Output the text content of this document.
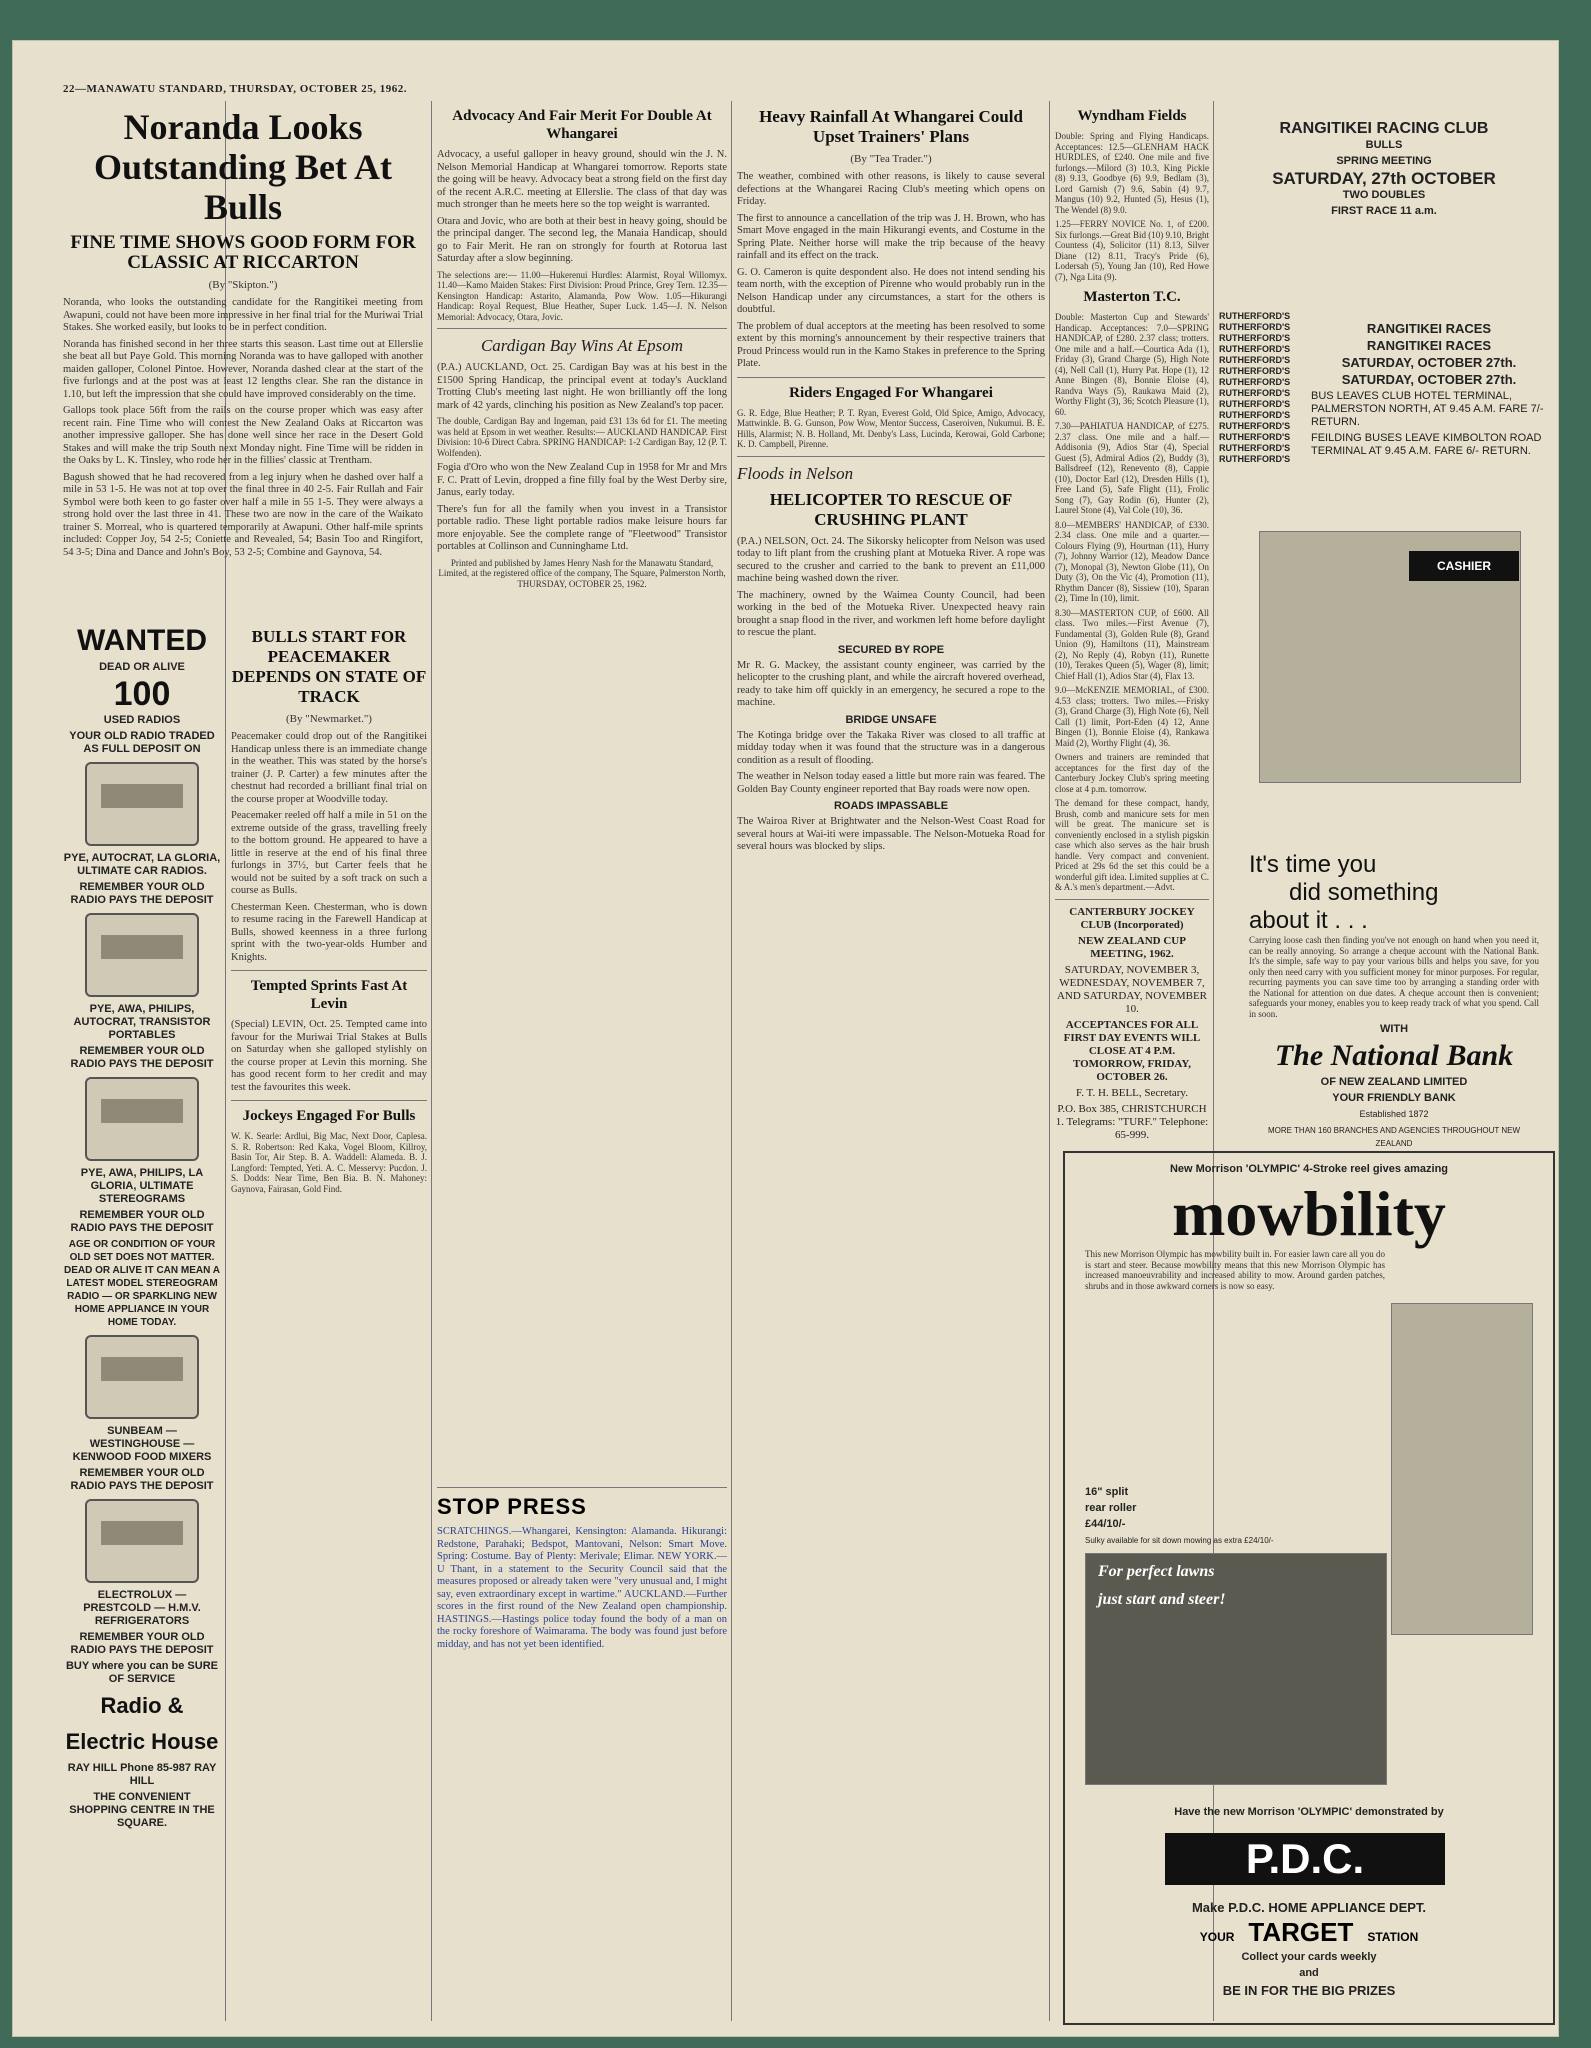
22—MANAWATU STANDARD, THURSDAY, OCTOBER 25, 1962.
Noranda Looks Outstanding Bet At Bulls
FINE TIME SHOWS GOOD FORM FOR CLASSIC AT RICCARTON
(By "Skipton.")

Noranda, who looks the outstanding candidate for the Rangitikei meeting from Awapuni, could not have been more impressive in her final trial for the Muriwai Trial Stakes. She worked easily, but looks to be in perfect condition.

Noranda has finished second in her three starts this season. Last time out at Ellerslie she beat all but Paye Gold. This morning Noranda was to have galloped with another maiden galloper, Colonel Pintoe. However, Noranda dashed clear at the start of the five furlongs and at the post was at least 12 lengths clear. She ran the distance in 1.10, but left the impression that she could have improved considerably on the time.

Gallops took place 56ft from the rails on the course proper which was easy after recent rain. Fine Time who will contest the New Zealand Oaks at Riccarton was another impressive galloper. She has done well since her race in the Desert Gold Stakes and will make the trip South next Monday night. Fine Time will be ridden in the Oaks by L. K. Tinsley, who rode her in the fillies' classic at Trentham.

Bagush showed that he had recovered from a leg injury when he dashed over half a mile in 53 1-5. He was not at top over the final three in 40 2-5. Fair Rullah and Fair Symbol were both keen to go faster over half a mile in 55 1-5. They were always a strong hold over the last three in 41. These two are now in the care of the Waikato trainer S. Morreal, who is quartered temporarily at Awapuni. Other half-mile sprints included: Copper Joy, 54 2-5; Coniette and Revealed, 54; Basin Too and Ringifort, 54 3-5; Dina and Dance and John's Boy, 53 2-5; Combine and Gaynova, 54.

WANTED
DEAD OR ALIVE
100
USED RADIOS
YOUR OLD RADIO TRADED AS FULL DEPOSIT ON
PYE, AUTOCRAT, LA GLORIA, ULTIMATE CAR RADIOS.
REMEMBER YOUR OLD RADIO PAYS THE DEPOSIT
PYE, AWA, PHILIPS, AUTOCRAT, TRANSISTOR PORTABLES
REMEMBER YOUR OLD RADIO PAYS THE DEPOSIT
PYE, AWA, PHILIPS, LA GLORIA, ULTIMATE STEREOGRAMS
REMEMBER YOUR OLD RADIO PAYS THE DEPOSIT
AGE OR CONDITION OF YOUR OLD SET DOES NOT MATTER. DEAD OR ALIVE IT CAN MEAN A LATEST MODEL STEREOGRAM RADIO — OR SPARKLING NEW HOME APPLIANCE IN YOUR HOME TODAY.
SUNBEAM — WESTINGHOUSE — KENWOOD FOOD MIXERS
REMEMBER YOUR OLD RADIO PAYS THE DEPOSIT
ELECTROLUX — PRESTCOLD — H.M.V. REFRIGERATORS
REMEMBER YOUR OLD RADIO PAYS THE DEPOSIT
BUY where you can be SURE OF SERVICE
Radio &
Electric House
RAY HILL Phone 85-987 RAY HILL
THE CONVENIENT SHOPPING CENTRE IN THE SQUARE.
BULLS START FOR PEACEMAKER DEPENDS ON STATE OF TRACK
(By "Newmarket.")

Peacemaker could drop out of the Rangitikei Handicap unless there is an immediate change in the weather. This was stated by the horse's trainer (J. P. Carter) a few minutes after the chestnut had recorded a brilliant final trial on the course proper at Woodville today.

Peacemaker reeled off half a mile in 51 on the extreme outside of the grass, travelling freely to the bottom ground. He appeared to have a little in reserve at the end of his final three furlongs in 37½, but Carter feels that he would not be suited by a soft track on such a course as Bulls.

Chesterman Keen. Chesterman, who is down to resume racing in the Farewell Handicap at Bulls, showed keenness in a three furlong sprint with the two-year-olds Humber and Knights.

Tempted Sprints Fast At Levin

(Special) LEVIN, Oct. 25. Tempted came into favour for the Muriwai Trial Stakes at Bulls on Saturday when she galloped stylishly on the course proper at Levin this morning. She has good recent form to her credit and may test the favourites this week.

Jockeys Engaged For Bulls

W. K. Searle: Ardlui, Big Mac, Next Door, Caplesa. S. R. Robertson: Red Kaka, Vogel Bloom, Killroy, Basin Tor, Air Step. B. A. Waddell: Alameda. B. J. Langford: Tempted, Yeti. A. C. Messervy: Pucdon. J. S. Dodds: Near Time, Ben Bia. B. N. Mahoney: Gaynova, Fairasan, Gold Find.

Advocacy And Fair Merit For Double At Whangarei

Advocacy, a useful galloper in heavy ground, should win the J. N. Nelson Memorial Handicap at Whangarei tomorrow. Reports state the going will be heavy. Advocacy beat a strong field on the first day of the recent A.R.C. meeting at Ellerslie. The class of that day was much stronger than he meets here so the top weight is warranted.

Otara and Jovic, who are both at their best in heavy going, should be the principal danger. The second leg, the Manaia Handicap, should go to Fair Merit. He ran on strongly for fourth at Rotorua last Saturday after a slow beginning.

The selections are:— 11.00—Hukerenui Hurdles: Alarmist, Royal Willomyx. 11.40—Kamo Maiden Stakes: First Division: Proud Prince, Grey Tern. 12.35—Kensington Handicap: Astarito, Alamanda, Pow Wow. 1.05—Hikurangi Handicap: Royal Request, Blue Heather, Super Luck. 1.45—J. N. Nelson Memorial: Advocacy, Otara, Jovic.

Cardigan Bay Wins At Epsom

(P.A.) AUCKLAND, Oct. 25. Cardigan Bay was at his best in the £1500 Spring Handicap, the principal event at today's Auckland Trotting Club's meeting last night. He won brilliantly off the long mark of 42 yards, clinching his position as New Zealand's top pacer.

The double, Cardigan Bay and Ingeman, paid £31 13s 6d for £1. The meeting was held at Epsom in wet weather. Results:— AUCKLAND HANDICAP. First Division: 10-6 Direct Cabra. SPRING HANDICAP: 1-2 Cardigan Bay, 12 (P. T. Wolfenden).

Fogia d'Oro who won the New Zealand Cup in 1958 for Mr and Mrs F. C. Pratt of Levin, dropped a fine filly foal by the West Derby sire, Janus, early today.

There's fun for all the family when you invest in a Transistor portable radio. These light portable radios make leisure hours far more enjoyable. See the complete range of "Fleetwood" Transistor portables at Collinson and Cunninghame Ltd.

Printed and published by James Henry Nash for the Manawatu Standard, Limited, at the registered office of the company, The Square, Palmerston North, THURSDAY, OCTOBER 25, 1962.

Heavy Rainfall At Whangarei Could Upset Trainers' Plans
(By "Tea Trader.")

The weather, combined with other reasons, is likely to cause several defections at the Whangarei Racing Club's meeting which opens on Friday.

The first to announce a cancellation of the trip was J. H. Brown, who has Smart Move engaged in the main Hikurangi events, and Costume in the Spring Plate. Neither horse will make the trip because of the heavy rainfall and its effect on the track.

G. O. Cameron is quite despondent also. He does not intend sending his team north, with the exception of Pirenne who would probably run in the Nelson Handicap under any circumstances, a start for the others is doubtful.

The problem of dual acceptors at the meeting has been resolved to some extent by this morning's announcement by their respective trainers that Proud Princess would run in the Kamo Stakes in preference to the Spring Plate.

Riders Engaged For Whangarei

G. R. Edge, Blue Heather; P. T. Ryan, Everest Gold, Old Spice, Amigo, Advocacy, Mattwinkle. B. G. Gunson, Pow Wow, Mentor Success, Caseroiven, Nukumui. B. E. Hills, Alarmist; N. B. Holland, Mt. Denby's Lass, Lucinda, Kerowai, Gold Carbone; K. D. Campbell, Pirenne.

Floods in Nelson
HELICOPTER TO RESCUE OF CRUSHING PLANT

(P.A.) NELSON, Oct. 24. The Sikorsky helicopter from Nelson was used today to lift plant from the crushing plant at Motueka River. A rope was secured to the crusher and carried to the bank to prevent an £11,000 machine being washed down the river.

The machinery, owned by the Waimea County Council, had been working in the bed of the Motueka River. Unexpected heavy rain brought a snap flood in the river, and workmen left home before daylight to rescue the plant.

SECURED BY ROPE

Mr R. G. Mackey, the assistant county engineer, was carried by the helicopter to the crushing plant, and while the aircraft hovered overhead, ready to take him off quickly in an emergency, he secured a rope to the machine.

BRIDGE UNSAFE

The Kotinga bridge over the Takaka River was closed to all traffic at midday today when it was found that the structure was in a dangerous condition as a result of flooding.

The weather in Nelson today eased a little but more rain was feared. The Golden Bay County engineer reported that Bay roads were now open.

ROADS IMPASSABLE

The Wairoa River at Brightwater and the Nelson-West Coast Road for several hours at Wai-iti were impassable. The Nelson-Motueka Road for several hours was blocked by slips.

STOP PRESS

SCRATCHINGS.—Whangarei, Kensington: Alamanda. Hikurangi: Redstone, Parahaki; Bedspot, Mantovani, Nelson: Smart Move. Spring: Costume. Bay of Plenty: Merivale; Elimar. NEW YORK.—U Thant, in a statement to the Security Council said that the measures proposed or already taken were "very unusual and, I might say, even extraordinary except in wartime." AUCKLAND.—Further scores in the first round of the New Zealand open championship. HASTINGS.—Hastings police today found the body of a man on the rocky foreshore of Waimarama. The body was found just before midday, and has not yet been identified.

Wyndham Fields

Double: Spring and Flying Handicaps. Acceptances: 12.5—GLENHAM HACK HURDLES, of £240. One mile and five furlongs.—Milord (3) 10.3, King Pickle (8) 9.13, Goodbye (6) 9.9, Bedlam (3), Lord Garnish (7) 9.6, Sabin (4) 9.7, Mangus (10) 9.2, Hunted (5), Hesus (1), The Wendel (8) 9.0.

1.25—FERRY NOVICE No. 1, of £200. Six furlongs.—Great Bid (10) 9.10, Bright Countess (4), Solicitor (11) 8.13, Silver Diane (12) 8.11, Tracy's Pride (6), Lodersah (5), Young Jan (10), Red Howe (7), Nga Lita (9).

Masterton T.C.

Double: Masterton Cup and Stewards' Handicap. Acceptances: 7.0—SPRING HANDICAP, of £280. 2.37 class; trotters. One mile and a half.—Courtica Ada (1), Friday (3), Grand Charge (5), High Note (4), Nell Call (1), Hurry Pat. Hope (1), 12 Anne Bingen (8), Bonnie Eloise (4), Randva Ways (5), Raukawa Maid (2), Worthy Flight (3), 36; Scotch Pleasure (1), 60.

7.30—PAHIATUA HANDICAP, of £275. 2.37 class. One mile and a half.—Addisonia (9), Adios Star (4), Special Guest (5), Admiral Adios (2), Buddy (3), Ballsdreef (12), Renevento (8), Cappie (10), Doctor Earl (12), Dresden Hills (1), Free Land (5), Safe Flight (11), Frolic Song (7), Gay Rodin (6), Hunter (2), Laurel Stone (4), Val Cole (10), 36.

8.0—MEMBERS' HANDICAP, of £330. 2.34 class. One mile and a quarter.—Colours Flying (9), Hourtnan (11), Hurry (7), Johnny Warrior (12), Meadow Dance (7), Monopal (3), Newton Globe (11), On Duty (3), On the Vic (4), Promotion (11), Rhythm Dancer (8), Sissiew (10), Sparan (2), Time In (10), limit.

8.30—MASTERTON CUP, of £600. All class. Two miles.—First Avenue (7), Fundamental (3), Golden Rule (8), Grand Union (9), Hamiltons (11), Mainstream (2), No Reply (4), Robyn (11), Runette (10), Terakes Queen (5), Wager (8), limit; Chief Hall (1), Adios Star (4), Flax 13.

9.0—McKENZIE MEMORIAL, of £300. 4.53 class; trotters. Two miles.—Frisky (3), Grand Charge (3), High Note (6), Nell Call (1) limit, Port-Eden (4) 12, Anne Bingen (1), Bonnie Eloise (4), Rankawa Maid (2), Worthy Flight (4), 36.

Owners and trainers are reminded that acceptances for the first day of the Canterbury Jockey Club's spring meeting close at 4 p.m. tomorrow.

The demand for these compact, handy, Brush, comb and manicure sets for men will be great. The manicure set is conveniently enclosed in a stylish pigskin case which also serves as the hair brush handle. Very compact and convenient. Priced at 29s 6d the set this could be a wonderful gift idea. Limited supplies at C. & A.'s men's department.—Advt.

CANTERBURY JOCKEY CLUB (Incorporated)
NEW ZEALAND CUP MEETING, 1962.
SATURDAY, NOVEMBER 3, WEDNESDAY, NOVEMBER 7, AND SATURDAY, NOVEMBER 10.
ACCEPTANCES FOR ALL FIRST DAY EVENTS WILL CLOSE AT 4 P.M. TOMORROW, FRIDAY, OCTOBER 26.
F. T. H. BELL, Secretary.
P.O. Box 385, CHRISTCHURCH 1. Telegrams: "TURF." Telephone: 65-999.
RANGITIKEI RACING CLUB
BULLS
SPRING MEETING
SATURDAY, 27th OCTOBER
TWO DOUBLES
FIRST RACE 11 a.m.
RUTHERFORD'S
RUTHERFORD'S
RUTHERFORD'S
RUTHERFORD'S
RUTHERFORD'S
RUTHERFORD'S
RUTHERFORD'S
RUTHERFORD'S
RUTHERFORD'S
RUTHERFORD'S
RUTHERFORD'S
RUTHERFORD'S
RUTHERFORD'S
RUTHERFORD'S
RANGITIKEI RACES
RANGITIKEI RACES
SATURDAY, OCTOBER 27th.
SATURDAY, OCTOBER 27th.
BUS LEAVES CLUB HOTEL TERMINAL, PALMERSTON NORTH, AT 9.45 A.M. FARE 7/- RETURN.
FEILDING BUSES LEAVE KIMBOLTON ROAD TERMINAL AT 9.45 A.M. FARE 6/- RETURN.
CASHIER
It's time you
did something
about it . . .

Carrying loose cash then finding you've not enough on hand when you need it, can be really annoying. So arrange a cheque account with the National Bank. It's the simple, safe way to pay your various bills and helps you save, for you only then need carry with you sufficient money for minor purposes. For regular, recurring payments you can save time too by arranging a standing order with the National for attention on due dates. A cheque account then is convenient; safeguards your money, enables you to keep ready track of what you spend. Call in soon.

WITH
The National Bank
OF NEW ZEALAND LIMITED
YOUR FRIENDLY BANK
Established 1872
MORE THAN 160 BRANCHES AND AGENCIES THROUGHOUT NEW ZEALAND
New Morrison 'OLYMPIC' 4-Stroke reel gives amazing
mowbility

This new Morrison Olympic has mowbility built in. For easier lawn care all you do is start and steer. Because mowbility means that this new Morrison Olympic has increased manoeuvrability and increased ability to mow. Around garden patches, shrubs and in those awkward corners is now so easy.

16" split
rear roller
£44/10/-
Sulky available for sit down mowing as extra £24/10/-
For perfect lawns
just start and steer!
Have the new Morrison 'OLYMPIC' demonstrated by
P.D.C.
Make P.D.C. HOME APPLIANCE DEPT.
YOUR TARGET STATION
Collect your cards weekly
and
BE IN FOR THE BIG PRIZES
